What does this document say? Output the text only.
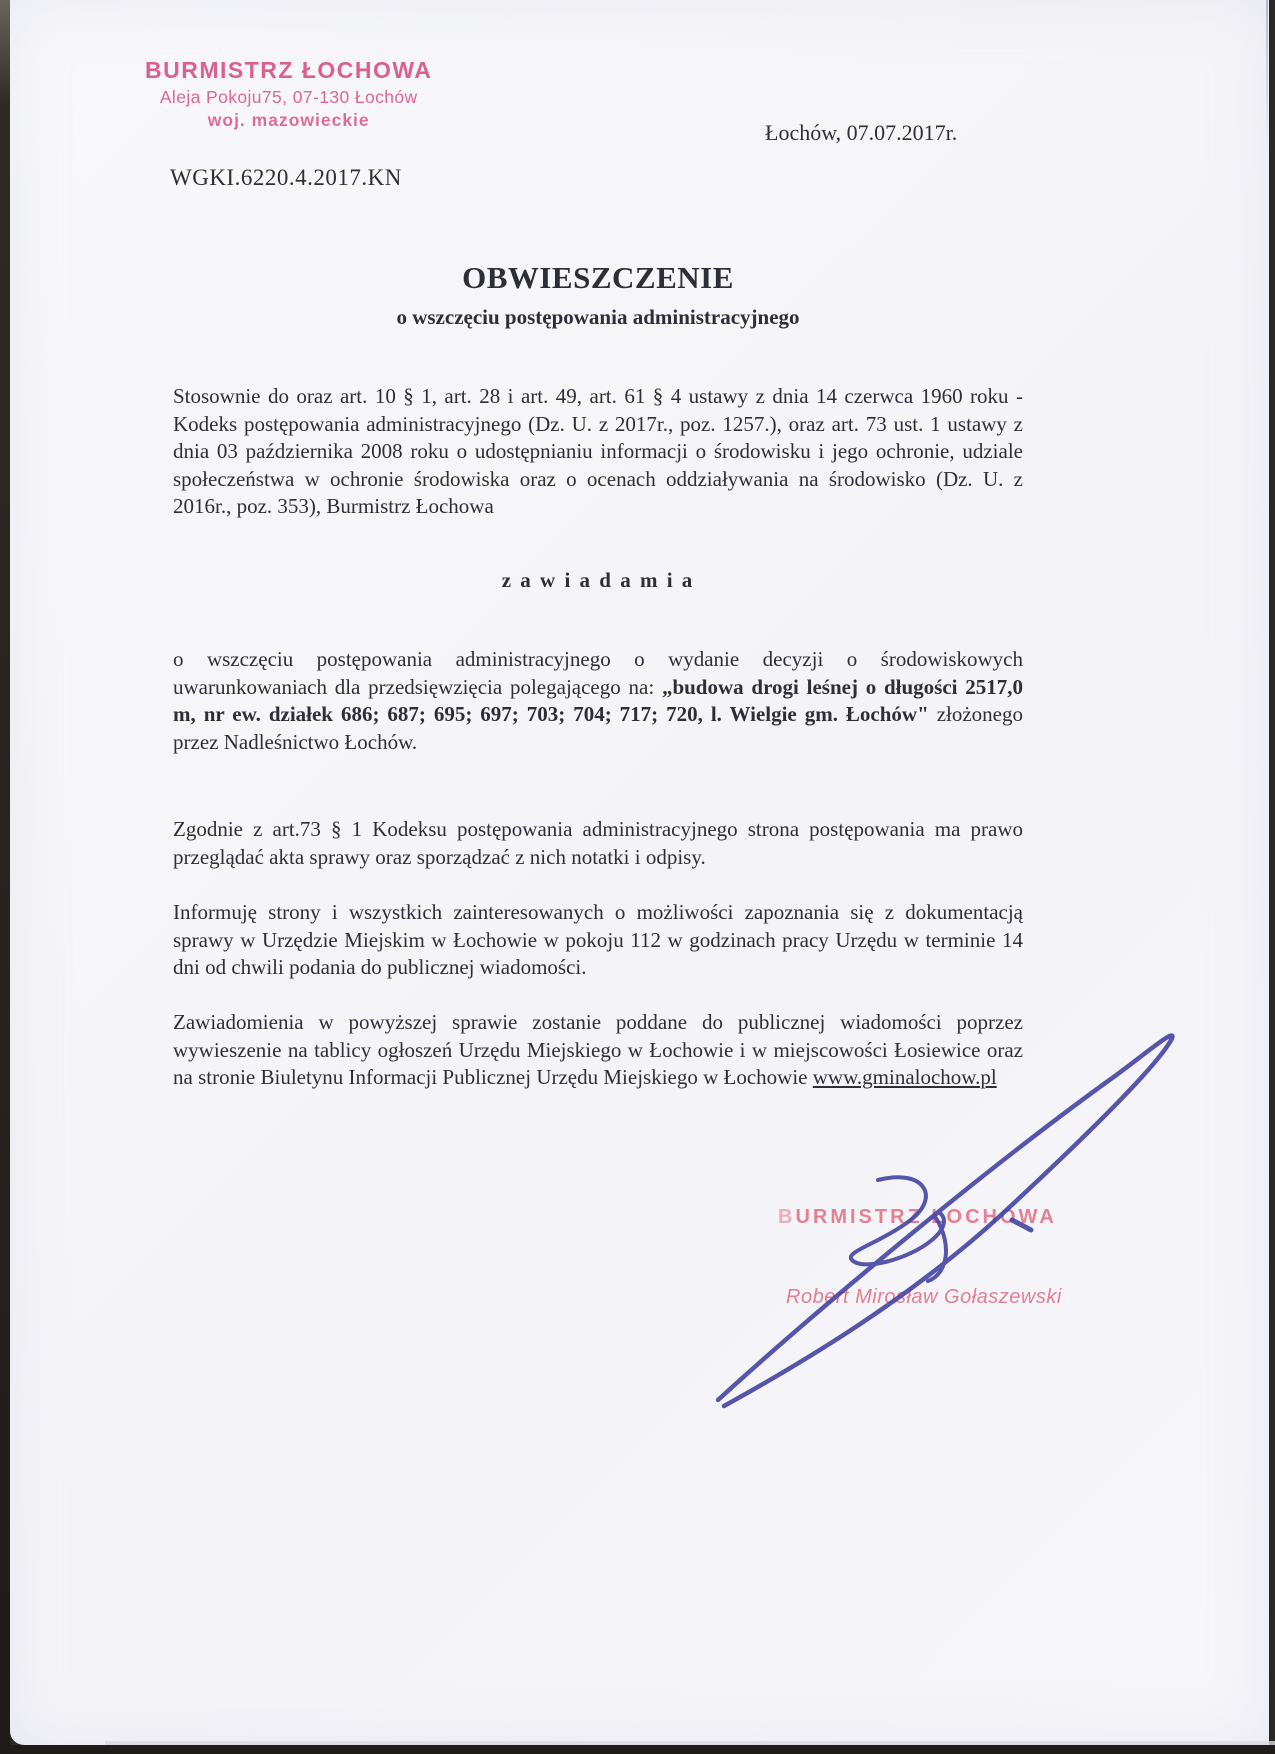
BURMISTRZ ŁOCHOWA
Aleja Pokoju75, 07-130 Łochów
woj. mazowieckie	Łochów, 07.07.2017r.
WGKI.6220.4.2017.KN
OBWIESZCZENIE
o wszczęciu postępowania administracyjnego

Stosownie do oraz art. 10 § 1, art. 28 i art. 49, art. 61 § 4 ustawy z dnia 14 czerwca 1960 roku - Kodeks postępowania administracyjnego (Dz. U. z 2017r., poz. 1257.), oraz art. 73 ust. 1 ustawy z dnia 03 października 2008 roku o udostępnianiu informacji o środowisku i jego ochronie, udziale społeczeństwa w ochronie środowiska oraz o ocenach oddziaływania na środowisko (Dz. U. z 2016r., poz. 353), Burmistrz Łochowa

z a w i a d a m i a

o wszczęciu postępowania administracyjnego o wydanie decyzji o środowiskowych uwarunkowaniach dla przedsięwzięcia polegającego na: „budowa drogi leśnej o długości 2517,0 m, nr ew. działek 686; 687; 695; 697; 703; 704; 717; 720, l. Wielgie gm. Łochów" złożonego przez Nadleśnictwo Łochów.

Zgodnie z art.73 § 1 Kodeksu postępowania administracyjnego strona postępowania ma prawo przeglądać akta sprawy oraz sporządzać z nich notatki i odpisy.

Informuję strony i wszystkich zainteresowanych o możliwości zapoznania się z dokumentacją sprawy w Urzędzie Miejskim w Łochowie w pokoju 112 w godzinach pracy Urzędu w terminie 14 dni od chwili podania do publicznej wiadomości.

Zawiadomienia w powyższej sprawie zostanie poddane do publicznej wiadomości poprzez wywieszenie na tablicy ogłoszeń Urzędu Miejskiego w Łochowie i w miejscowości Łosiewice oraz na stronie Biuletynu Informacji Publicznej Urzędu Miejskiego w Łochowie www.gminalochow.pl

BURMISTRZ ŁOCHOWA
Robert Mirosław Gołaszewski
